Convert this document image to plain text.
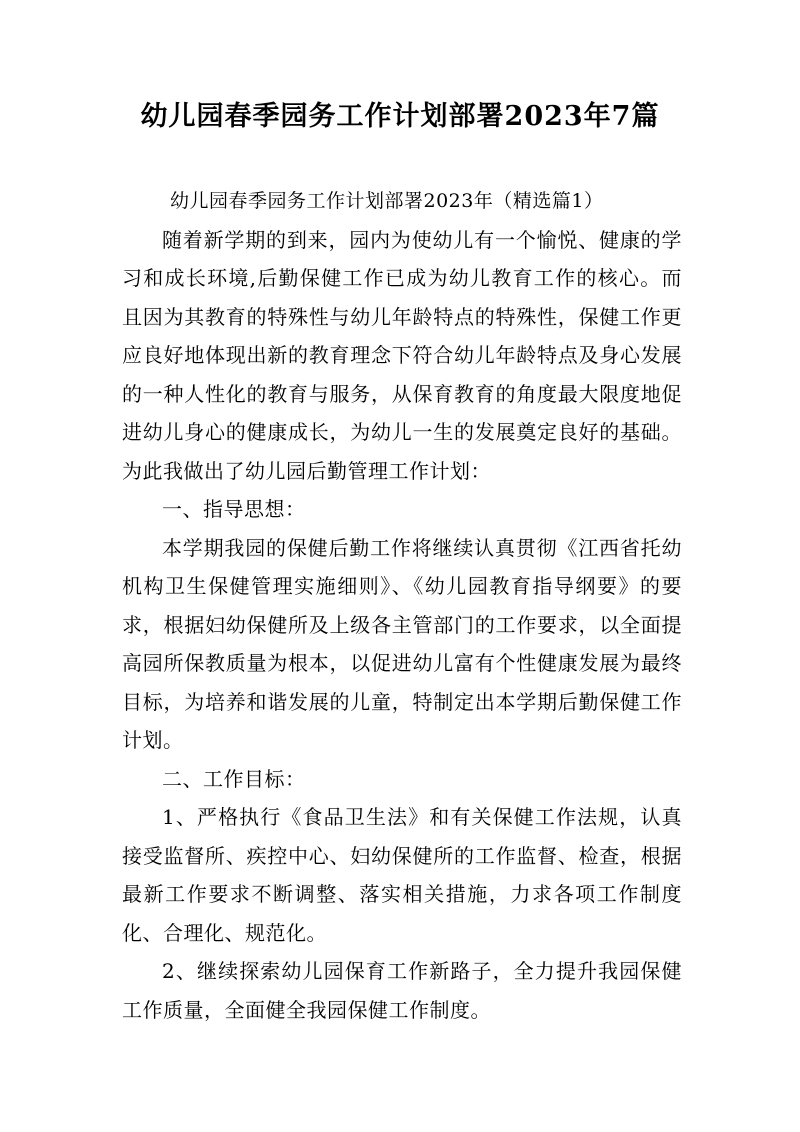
幼儿园春季园务工作计划部署2023年7篇

幼儿园春季园务工作计划部署2023年（精选篇1）

随着新学期的到来，园内为使幼儿有一个愉悦、健康的学习和成长环境,后勤保健工作已成为幼儿教育工作的核心。而且因为其教育的特殊性与幼儿年龄特点的特殊性，保健工作更应良好地体现出新的教育理念下符合幼儿年龄特点及身心发展的一种人性化的教育与服务，从保育教育的角度最大限度地促进幼儿身心的健康成长，为幼儿一生的发展奠定良好的基础。为此我做出了幼儿园后勤管理工作计划：

一、指导思想：

本学期我园的保健后勤工作将继续认真贯彻《江西省托幼机构卫生保健管理实施细则》、《幼儿园教育指导纲要》的要求，根据妇幼保健所及上级各主管部门的工作要求，以全面提高园所保教质量为根本，以促进幼儿富有个性健康发展为最终目标，为培养和谐发展的儿童，特制定出本学期后勤保健工作计划。

二、工作目标：

1、严格执行《食品卫生法》和有关保健工作法规，认真接受监督所、疾控中心、妇幼保健所的工作监督、检查，根据最新工作要求不断调整、落实相关措施，力求各项工作制度化、合理化、规范化。

2、继续探索幼儿园保育工作新路子，全力提升我园保健工作质量，全面健全我园保健工作制度。
